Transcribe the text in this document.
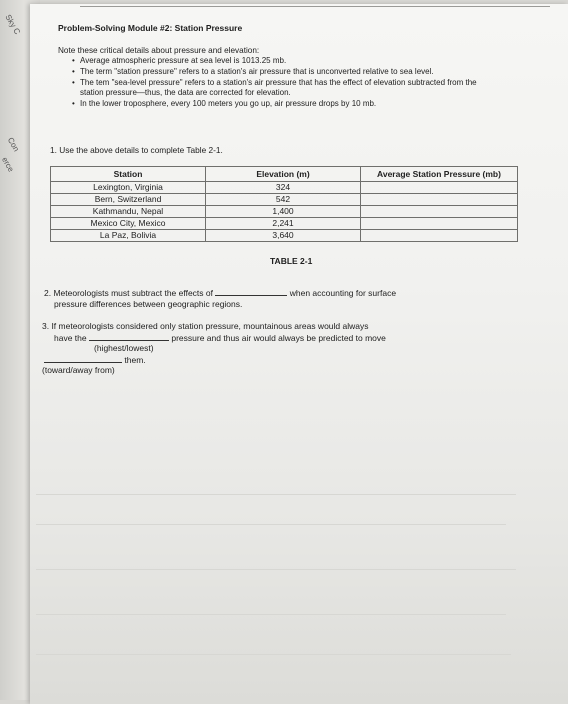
Sky C
Con
erce
Problem-Solving Module #2: Station Pressure
Note these critical details about pressure and elevation:
• Average atmospheric pressure at sea level is 1013.25 mb.
• The term "station pressure" refers to a station's air pressure that is unconverted relative to sea level.
• The tem "sea-level pressure" refers to a station's air pressure that has the effect of elevation subtracted from the station pressure—thus, the data are corrected for elevation.
• In the lower troposphere, every 100 meters you go up, air pressure drops by 10 mb.
1. Use the above details to complete Table 2-1.
Station	Elevation (m)	Average Station Pressure (mb)
Lexington, Virginia	324	
Bern, Switzerland	542	
Kathmandu, Nepal	1,400	
Mexico City, Mexico	2,241	
La Paz, Bolivia	3,640	
TABLE 2-1
2. Meteorologists must subtract the effects of	when accounting for surface
pressure differences between geographic regions.
3. If meteorologists considered only station pressure, mountainous areas would always
have the	pressure and thus air would always be predicted to move
(highest/lowest)
them.
(toward/away from)
